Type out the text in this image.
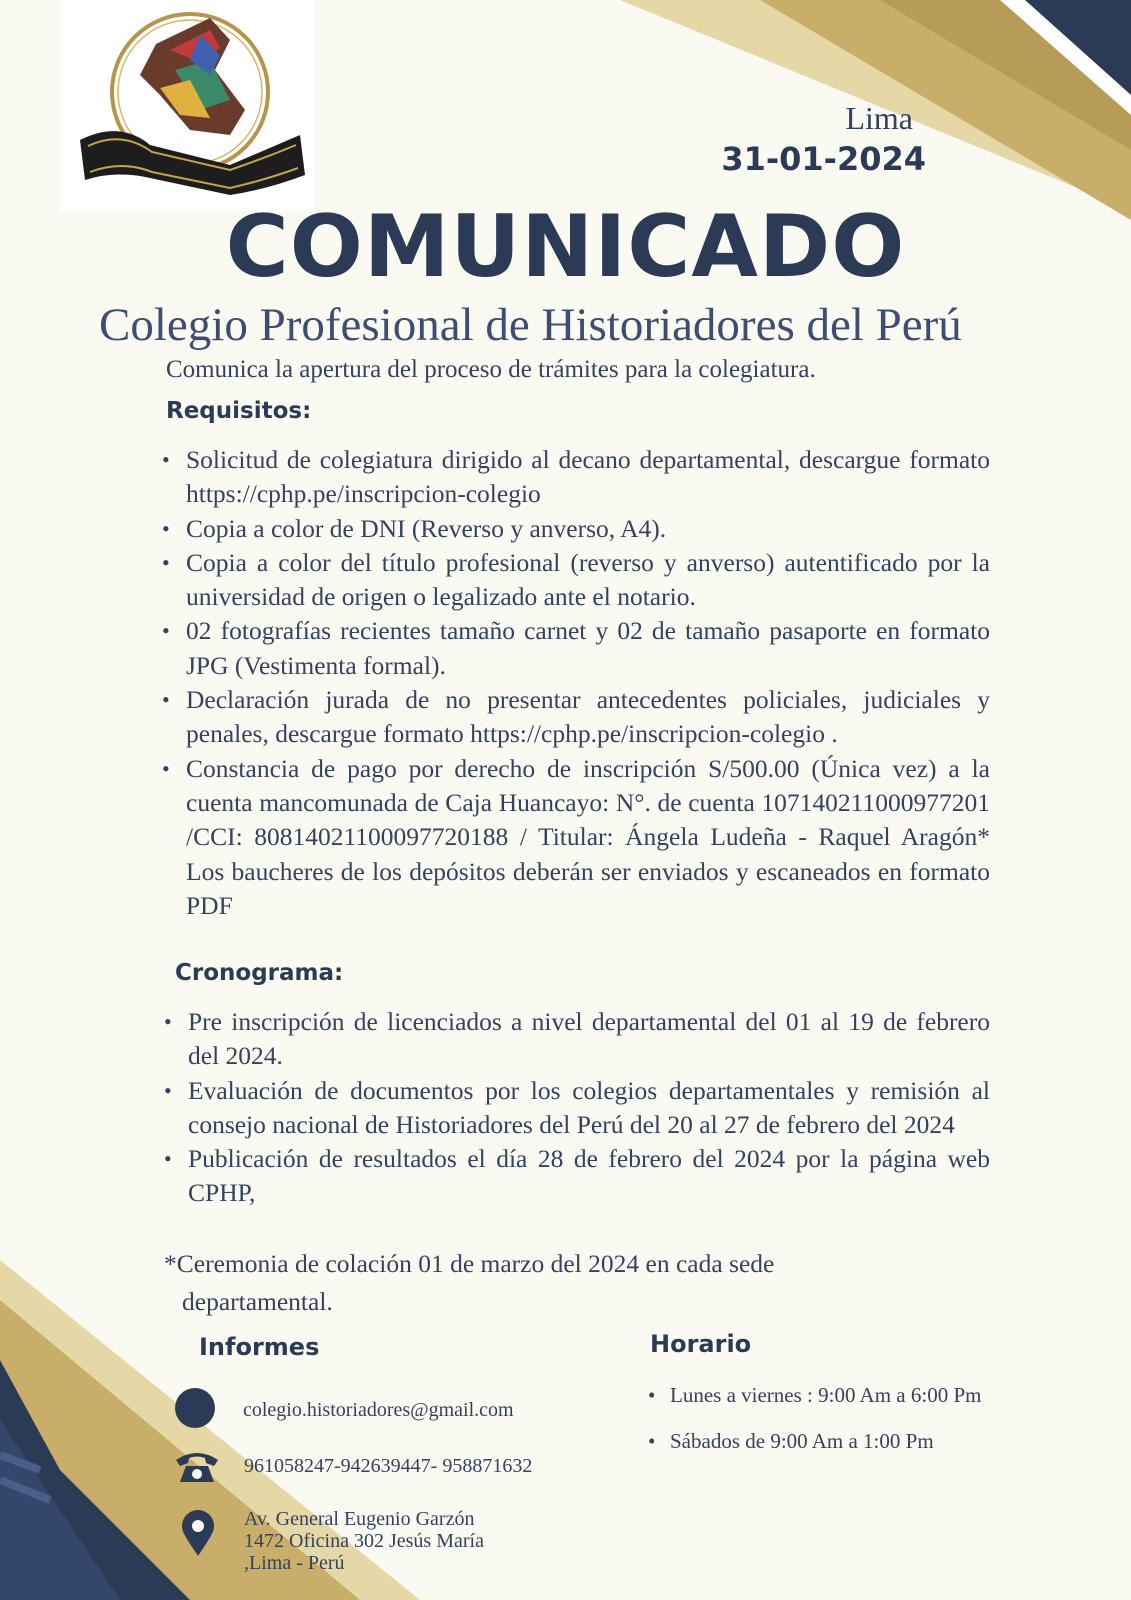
Lima
31-01-2024
COMUNICADO
Colegio Profesional de Historiadores del Perú
Comunica la apertura del proceso de trámites para la colegiatura.
Requisitos:
• Solicitud de colegiatura dirigido al decano departamental, descargue formato https://cphp.pe/inscripcion-colegio
• Copia a color de DNI (Reverso y anverso, A4).
• Copia a color del título profesional (reverso y anverso) autentificado por la universidad de origen o legalizado ante el notario.
• 02 fotografías recientes tamaño carnet y 02 de tamaño pasaporte en formato JPG (Vestimenta formal).
• Declaración jurada de no presentar antecedentes policiales, judiciales y penales, descargue formato https://cphp.pe/inscripcion-colegio .
• Constancia de pago por derecho de inscripción S/500.00 (Única vez) a la cuenta mancomunada de Caja Huancayo: N°. de cuenta 107140211000977201 /CCI: 80814021100097720188 / Titular: Ángela Ludeña - Raquel Aragón* Los baucheres de los depósitos deberán ser enviados y escaneados en formato PDF
Cronograma:
• Pre inscripción de licenciados a nivel departamental del 01 al 19 de febrero del 2024.
• Evaluación de documentos por los colegios departamentales y remisión al consejo nacional de Historiadores del Perú del 20 al 27 de febrero del 2024
• Publicación de resultados el día 28 de febrero del 2024 por la página web CPHP,
*Ceremonia de colación 01 de marzo del 2024 en cada sede
departamental.
Informes
colegio.historiadores@gmail.com
961058247-942639447- 958871632
Av. General Eugenio Garzón
1472 Oficina 302 Jesús María
,Lima - Perú
Horario
• Lunes a viernes : 9:00 Am a 6:00 Pm
• Sábados de 9:00 Am a 1:00 Pm
